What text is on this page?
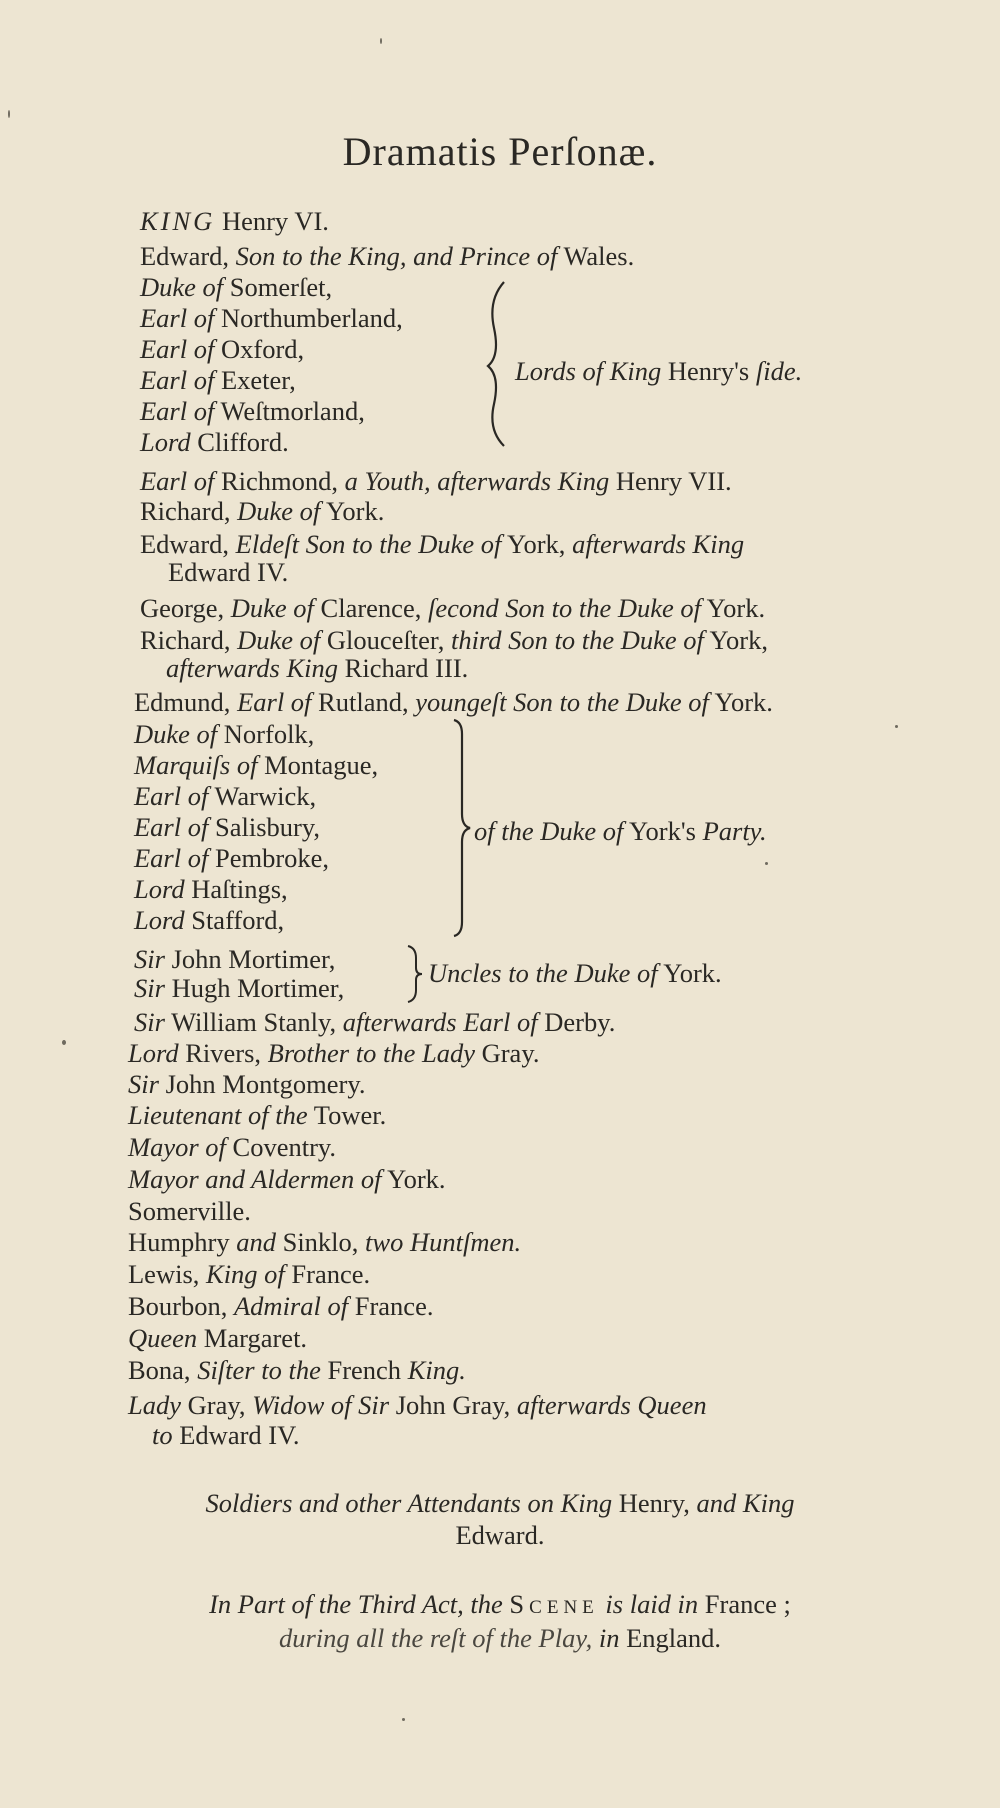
Dramatis Perſonæ.
KING Henry VI.
Edward, Son to the King, and Prince of Wales.
Duke of Somerſet,
Earl of Northumberland,
Earl of Oxford,
Earl of Exeter,
Earl of Weſtmorland,
Lord Clifford.
Lords of King Henry's ſide.
Earl of Richmond, a Youth, afterwards King Henry VII.
Richard, Duke of York.
Edward, Eldeſt Son to the Duke of York, afterwards King
Edward IV.
George, Duke of Clarence, ſecond Son to the Duke of York.
Richard, Duke of Glouceſter, third Son to the Duke of York,
afterwards King Richard III.
Edmund, Earl of Rutland, youngeſt Son to the Duke of York.
Duke of Norfolk,
Marquiſs of Montague,
Earl of Warwick,
Earl of Salisbury,
Earl of Pembroke,
Lord Haſtings,
Lord Stafford,
of the Duke of York's Party.
Sir John Mortimer,
Sir Hugh Mortimer,	Uncles to the Duke of York.
Sir William Stanly, afterwards Earl of Derby.
Lord Rivers, Brother to the Lady Gray.
Sir John Montgomery.
Lieutenant of the Tower.
Mayor of Coventry.
Mayor and Aldermen of York.
Somerville.
Humphry and Sinklo, two Huntſmen.
Lewis, King of France.
Bourbon, Admiral of France.
Queen Margaret.
Bona, Siſter to the French King.
Lady Gray, Widow of Sir John Gray, afterwards Queen
to Edward IV.
Soldiers and other Attendants on King Henry, and King
Edward.
In Part of the Third Act, the Scene is laid in France ;
during all the reſt of the Play, in England.
